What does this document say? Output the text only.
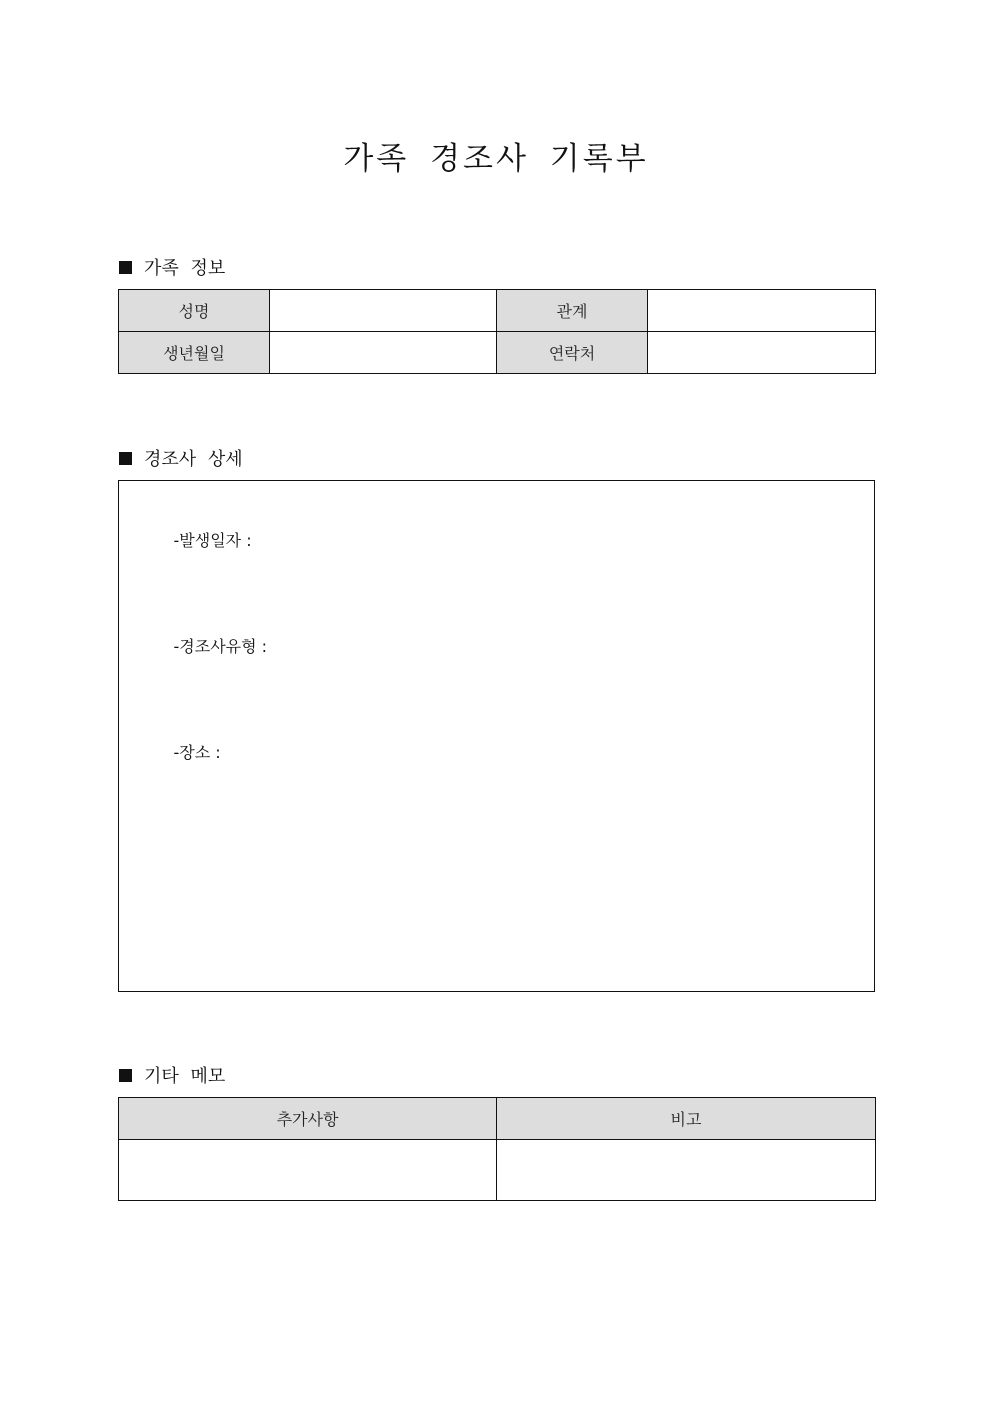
가족 경조사 기록부
가족 정보
성명		관계	
생년월일		연락처	
경조사 상세

-발생일자 :

-경조사유형 :

-장소 :

기타 메모
추가사항	비고
